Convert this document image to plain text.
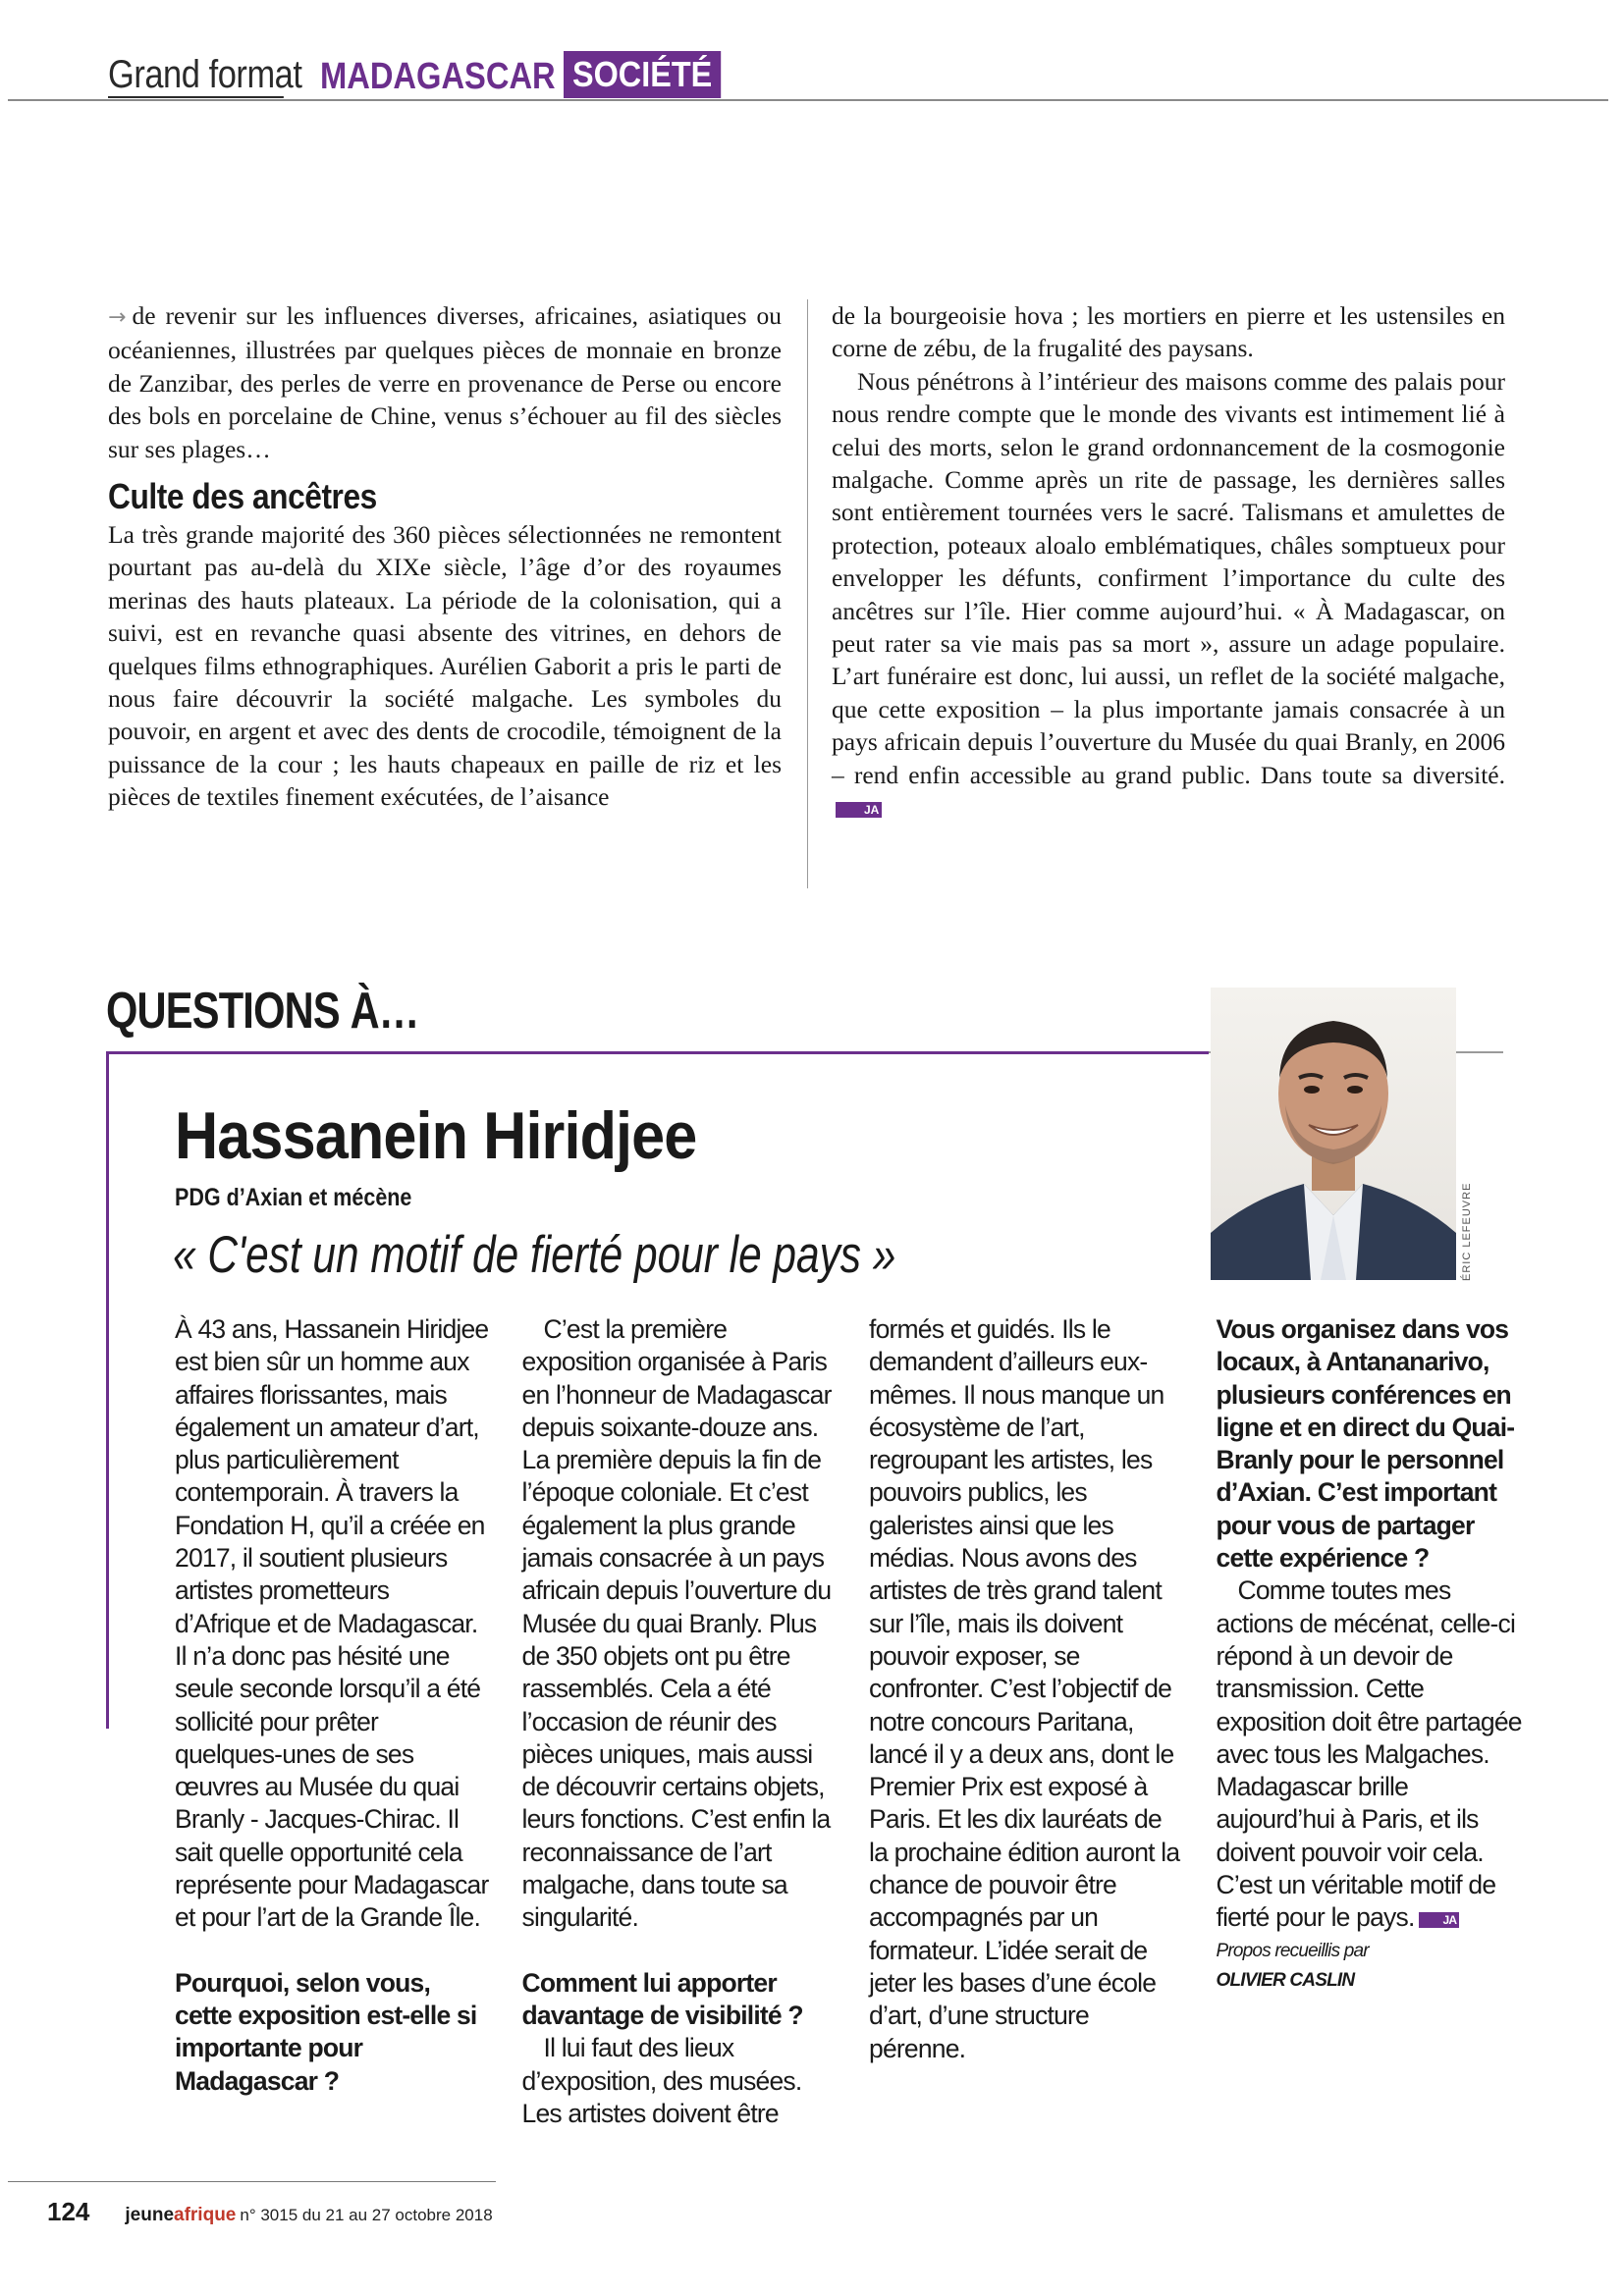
Grand format MADAGASCAR SOCIÉTÉ

→ de revenir sur les influences diverses, africaines, asiatiques ou océaniennes, illustrées par quelques pièces de monnaie en bronze de Zanzibar, des perles de verre en provenance de Perse ou encore des bols en porcelaine de Chine, venus s’échouer au fil des siècles sur ses plages…

Culte des ancêtres

La très grande majorité des 360 pièces sélectionnées ne remontent pourtant pas au-delà du XIXe siècle, l’âge d’or des royaumes merinas des hauts plateaux. La période de la colonisation, qui a suivi, est en revanche quasi absente des vitrines, en dehors de quelques films ethnographiques. Aurélien Gaborit a pris le parti de nous faire découvrir la société malgache. Les symboles du pouvoir, en argent et avec des dents de crocodile, témoignent de la puissance de la cour ; les hauts chapeaux en paille de riz et les pièces de textiles finement exécutées, de l’aisance

de la bourgeoisie hova ; les mortiers en pierre et les ustensiles en corne de zébu, de la frugalité des paysans.

Nous pénétrons à l’intérieur des maisons comme des palais pour nous rendre compte que le monde des vivants est intimement lié à celui des morts, selon le grand ordonnancement de la cosmogonie malgache. Comme après un rite de passage, les dernières salles sont entièrement tournées vers le sacré. Talismans et amulettes de protection, poteaux aloalo emblématiques, châles somptueux pour envelopper les défunts, confirment l’importance du culte des ancêtres sur l’île. Hier comme aujourd’hui. « À Madagascar, on peut rater sa vie mais pas sa mort », assure un adage populaire. L’art funéraire est donc, lui aussi, un reflet de la société malgache, que cette exposition – la plus importante jamais consacrée à un pays africain depuis l’ouverture du Musée du quai Branly, en 2006 – rend enfin accessible au grand public. Dans toute sa diversité.JA

QUESTIONS À…
ÉRIC LEFEUVRE
Hassanein Hiridjee
PDG d’Axian et mécène
« C'est un motif de fierté pour le pays »

À 43 ans, Hassanein Hiridjee est bien sûr un homme aux affaires florissantes, mais également un amateur d’art, plus particulièrement contemporain. À travers la Fondation H, qu’il a créée en 2017, il soutient plusieurs artistes prometteurs d’Afrique et de Madagascar. Il n’a donc pas hésité une seule seconde lorsqu’il a été sollicité pour prêter quelques-unes de ses œuvres au Musée du quai Branly - Jacques-Chirac. Il sait quelle opportunité cela représente pour Madagascar et pour l’art de la Grande Île.

Pourquoi, selon vous, cette exposition est-elle si importante pour Madagascar ?

C’est la première exposition organisée à Paris en l’honneur de Madagascar depuis soixante-douze ans. La première depuis la fin de l’époque coloniale. Et c’est également la plus grande jamais consacrée à un pays africain depuis l’ouverture du Musée du quai Branly. Plus de 350 objets ont pu être rassemblés. Cela a été l’occasion de réunir des pièces uniques, mais aussi de découvrir certains objets, leurs fonctions. C’est enfin la reconnaissance de l’art malgache, dans toute sa singularité.

Comment lui apporter davantage de visibilité ?

Il lui faut des lieux d’exposition, des musées. Les artistes doivent être formés et guidés. Ils le demandent d’ailleurs eux-mêmes. Il nous manque un écosystème de l’art, regroupant les artistes, les pouvoirs publics, les galeristes ainsi que les médias. Nous avons des artistes de très grand talent sur l’île, mais ils doivent pouvoir exposer, se confronter. C’est l’objectif de notre concours Paritana, lancé il y a deux ans, dont le Premier Prix est exposé à Paris. Et les dix lauréats de la prochaine édition auront la chance de pouvoir être accompagnés par un formateur. L’idée serait de jeter les bases d’une école d’art, d’une structure pérenne.

Vous organisez dans vos locaux, à Antananarivo, plusieurs conférences en ligne et en direct du Quai-Branly pour le personnel d’Axian. C’est important pour vous de partager cette expérience ?

Comme toutes mes actions de mécénat, celle-ci répond à un devoir de transmission. Cette exposition doit être partagée avec tous les Malgaches. Madagascar brille aujourd’hui à Paris, et ils doivent pouvoir voir cela. C’est un véritable motif de fierté pour le pays. JA

Propos recueillis par
OLIVIER CASLIN
124 jeuneafrique n° 3015 du 21 au 27 octobre 2018
